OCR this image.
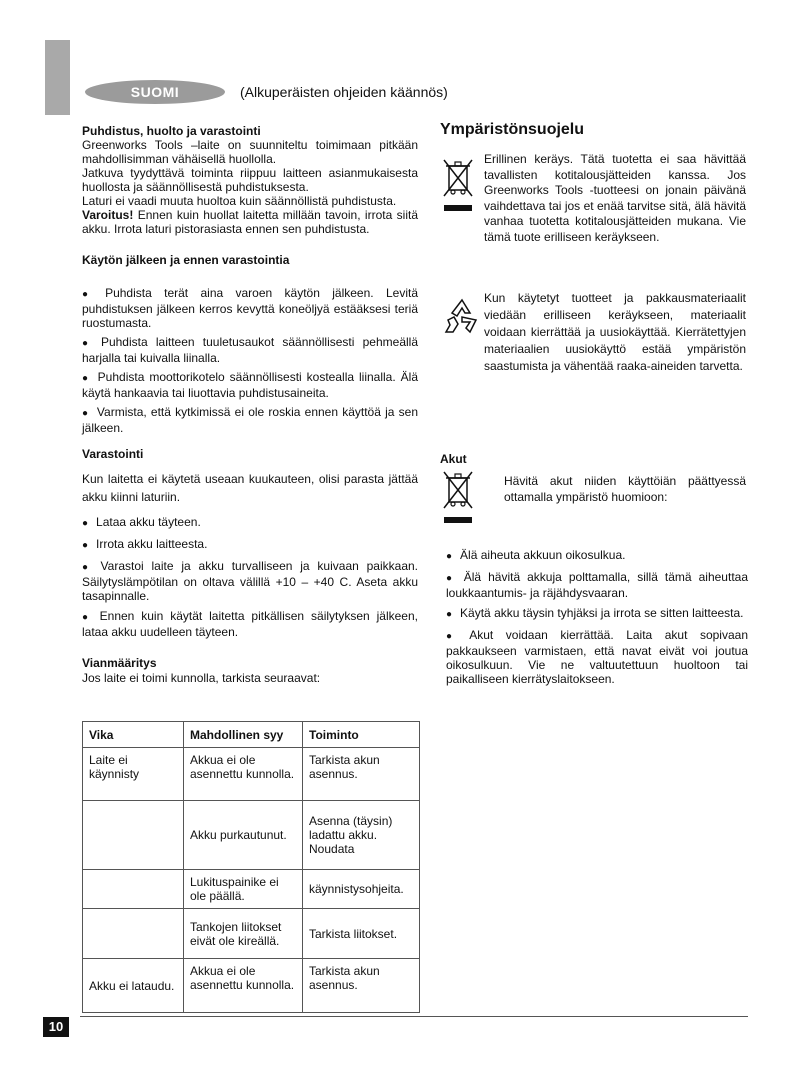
SUOMI	(Alkuperäisten ohjeiden käännös)

Puhdistus, huolto ja varastointi

Greenworks Tools –laite on suunniteltu toimimaan pitkään mahdollisimman vähäisellä huollolla.

Jatkuva tyydyttävä toiminta riippuu laitteen asianmukaisesta huollosta ja säännöllisestä puhdistuksesta.

Laturi ei vaadi muuta huoltoa kuin säännöllistä puhdistusta.

Varoitus! Ennen kuin huollat laitetta millään tavoin, irrota siitä akku. Irrota laturi pistorasiasta ennen sen puhdistusta.

Käytön jälkeen ja ennen varastointia

● Puhdista terät aina varoen käytön jälkeen. Levitä puhdistuksen jälkeen kerros kevyttä koneöljyä estääksesi teriä ruostumasta.

● Puhdista laitteen tuuletusaukot säännöllisesti pehmeällä harjalla tai kuivalla liinalla.

● Puhdista moottorikotelo säännöllisesti kostealla liinalla. Älä käytä hankaavia tai liuottavia puhdistusaineita.

● Varmista, että kytkimissä ei ole roskia ennen käyttöä ja sen jälkeen.

Varastointi
Kun laitetta ei käytetä useaan kuukauteen, olisi parasta jättää akku kiinni laturiin.

● Lataa akku täyteen.

● Irrota akku laitteesta.

● Varastoi laite ja akku turvalliseen ja kuivaan paikkaan. Säilytyslämpötilan on oltava välillä +10 – +40 C. Aseta akku tasapinnalle.

● Ennen kuin käytät laitetta pitkällisen säilytyksen jälkeen, lataa akku uudelleen täyteen.

Vianmääritys
Jos laite ei toimi kunnolla, tarkista seuraavat:
Vika	Mahdollinen syy	Toiminto
Laite ei käynnisty	Akkua ei ole asennettu kunnolla.	Tarkista akun asennus.
	Akku purkautunut.	Asenna (täysin) ladattu akku. Noudata
	Lukituspainike ei ole päällä.	käynnistysohjeita.
	Tankojen liitokset eivät ole kireällä.	Tarkista liitokset.
Akku ei lataudu.	Akkua ei ole asennettu kunnolla.	Tarkista akun asennus.
Ympäristönsuojelu
Erillinen keräys. Tätä tuotetta ei saa hävittää tavallisten kotitalousjätteiden kanssa. Jos Greenworks Tools -tuotteesi on jonain päivänä vaihdettava tai jos et enää tarvitse sitä, älä hävitä vanhaa tuotetta kotitalousjätteiden mukana. Vie tämä tuote erilliseen keräykseen.
Kun käytetyt tuotteet ja pakkausmateriaalit viedään erilliseen keräykseen, materiaalit voidaan kierrättää ja uusiokäyttää. Kierrätettyjen materiaalien uusiokäyttö estää ympäristön saastumista ja vähentää raaka-aineiden tarvetta.
Akut
Hävitä akut niiden käyttöiän päättyessä ottamalla ympäristö huomioon:

● Älä aiheuta akkuun oikosulkua.

● Älä hävitä akkuja polttamalla, sillä tämä aiheuttaa loukkaantumis- ja räjähdysvaaran.

● Käytä akku täysin tyhjäksi ja irrota se sitten laitteesta.

● Akut voidaan kierrättää. Laita akut sopivaan pakkaukseen varmistaen, että navat eivät voi joutua oikosulkuun. Vie ne valtuutettuun huoltoon tai paikalliseen kierrätyslaitokseen.

10
